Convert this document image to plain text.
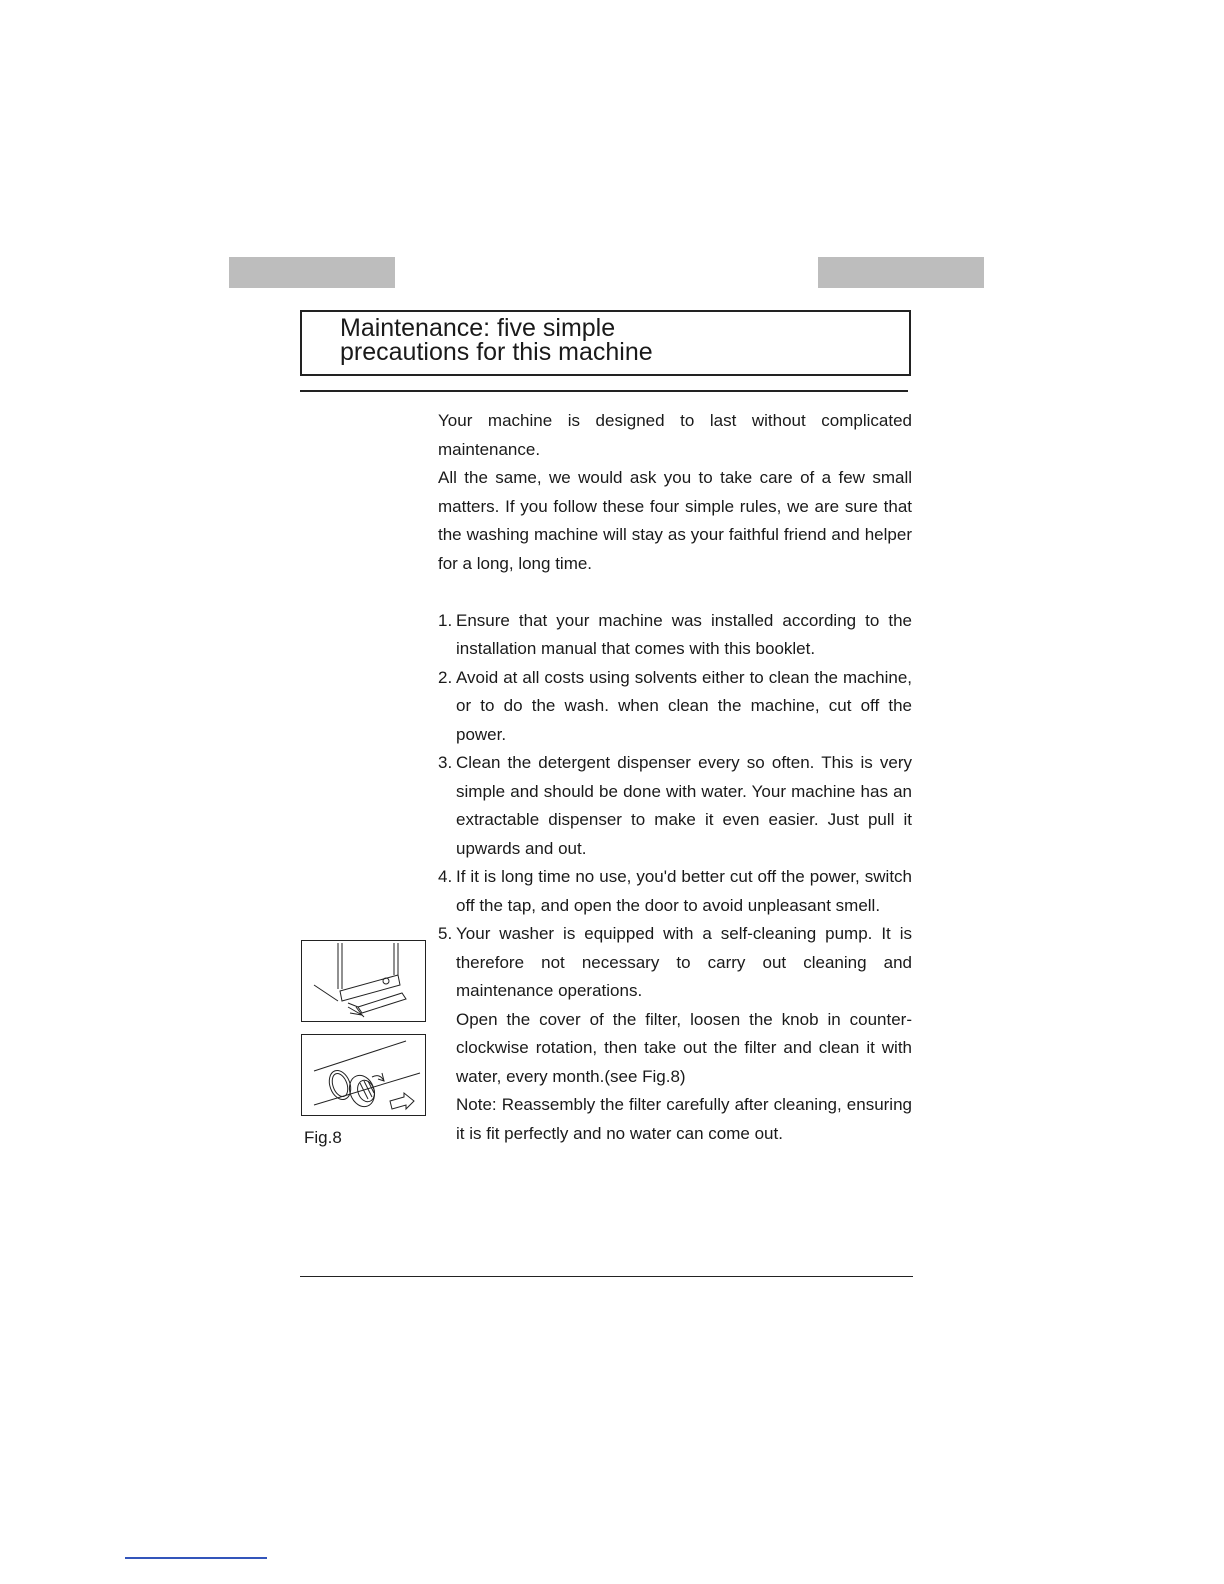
Maintenance: five simple
precautions for this machine

Your machine is designed to last without complicated maintenance.

All the same, we would ask you to take care of a few small matters. If you follow these four simple rules, we are sure that the washing machine will stay as your faithful friend and helper for a long, long time.

1. Ensure that your machine was installed according to the installation manual that comes with this booklet.

2. Avoid at all costs using solvents either to clean the machine, or to do the wash. when clean the machine, cut off the power.

3. Clean the detergent dispenser every so often. This is very simple and should be done with water. Your machine has an extractable dispenser to make it even easier. Just pull it upwards and out.

4. If it is long time no use, you'd better cut off the power, switch off the tap, and open the door to avoid unpleasant smell.

5. Your washer is equipped with a self-cleaning pump. It is therefore not necessary to carry out cleaning and maintenance operations.

Open the cover of the filter, loosen the knob in counter-clockwise rotation, then take out the filter and clean it with water, every month.(see Fig.8)

Note: Reassembly the filter carefully after cleaning, ensuring it is fit perfectly and no water can come out.

Fig.8
